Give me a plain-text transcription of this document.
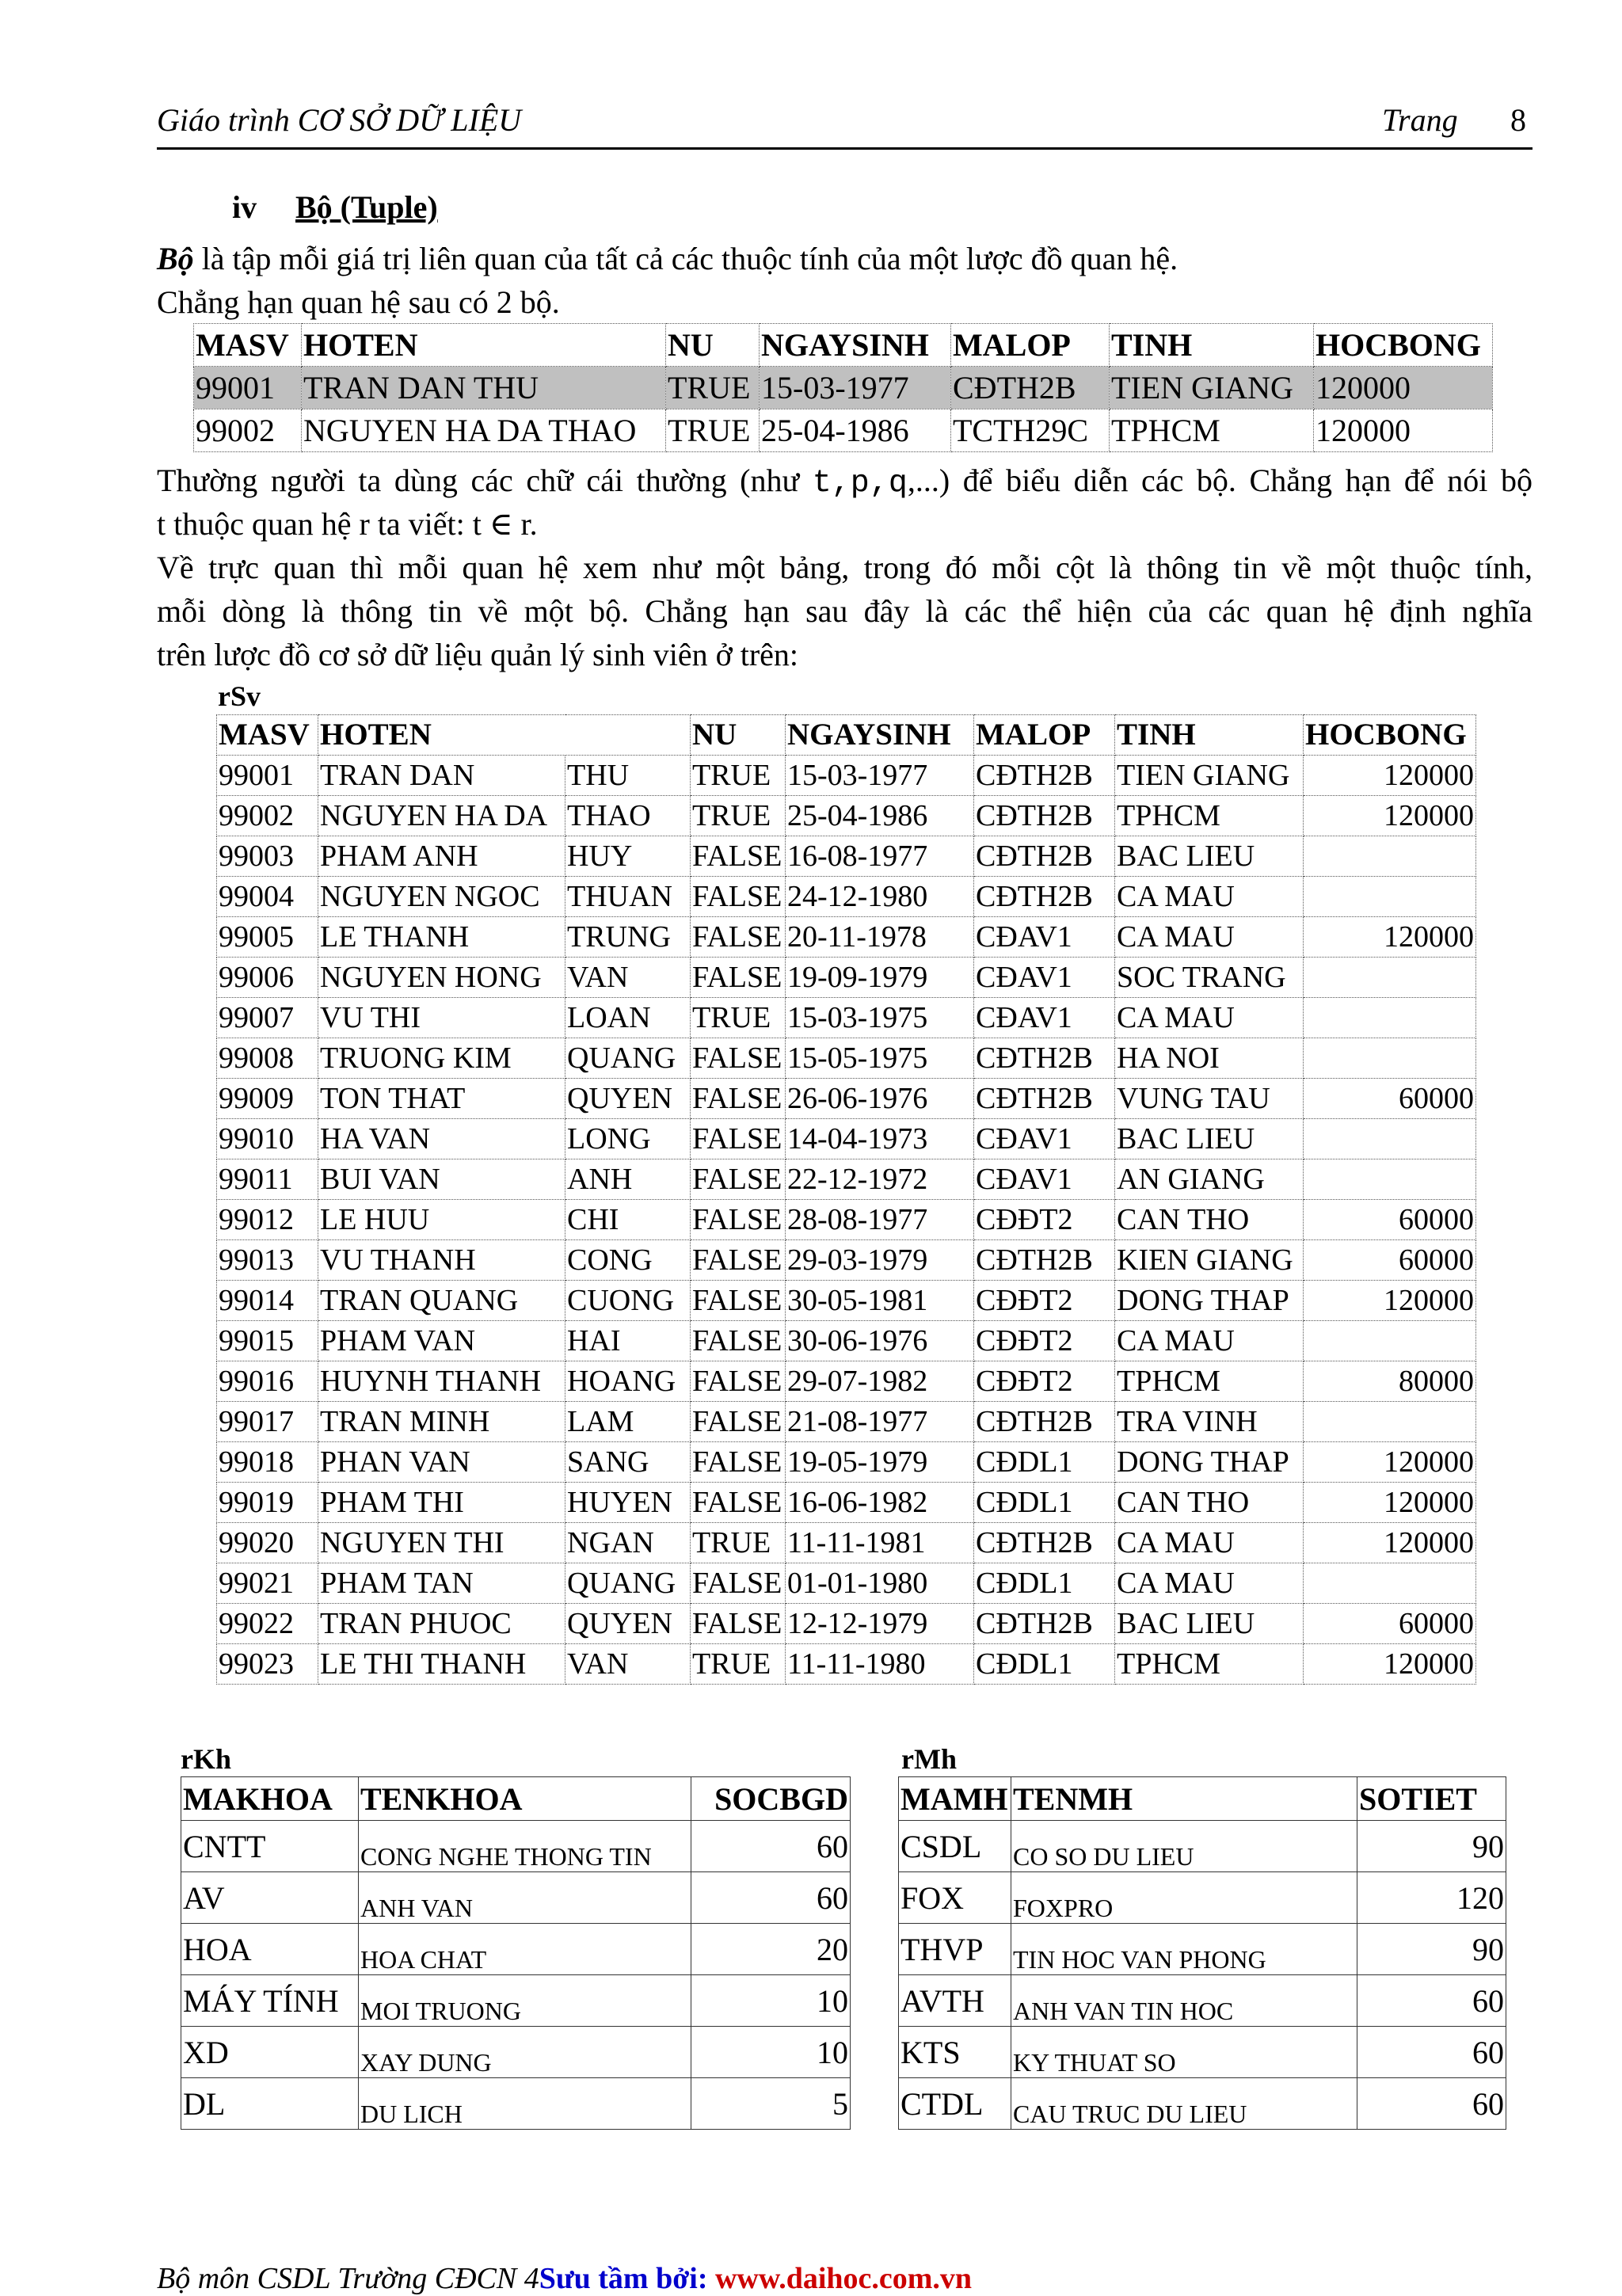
Giáo trình CƠ SỞ DỮ LIỆU	Trang 8
iv Bộ (Tuple)
Bộ là tập mỗi giá trị liên quan của tất cả các thuộc tính của một lược đồ quan hệ.
Chẳng hạn quan hệ sau có 2 bộ.
MASV	HOTEN	NU	NGAYSINH	MALOP	TINH	HOCBONG
99001	TRAN DAN THU	TRUE	15-03-1977	CĐTH2B	TIEN GIANG	120000
99002	NGUYEN HA DA THAO	TRUE	25-04-1986	TCTH29C	TPHCM	120000
Thường người ta dùng các chữ cái thường (như t,p,q,...) để biểu diễn các bộ. Chẳng hạn để nói bộ
t thuộc quan hệ r ta viết: t ∈ r.
Về trực quan thì mỗi quan hệ xem như một bảng, trong đó mỗi cột là thông tin về một thuộc tính,
mỗi dòng là thông tin về một bộ. Chẳng hạn sau đây là các thể hiện của các quan hệ định nghĩa
trên lược đồ cơ sở dữ liệu quản lý sinh viên ở trên:
rSv
MASV	HOTEN		NU	NGAYSINH	MALOP	TINH	HOCBONG
99001	TRAN DAN	THU	TRUE	15-03-1977	CĐTH2B	TIEN GIANG	120000
99002	NGUYEN HA DA	THAO	TRUE	25-04-1986	CĐTH2B	TPHCM	120000
99003	PHAM ANH	HUY	FALSE	16-08-1977	CĐTH2B	BAC LIEU	
99004	NGUYEN NGOC	THUAN	FALSE	24-12-1980	CĐTH2B	CA MAU	
99005	LE THANH	TRUNG	FALSE	20-11-1978	CĐAV1	CA MAU	120000
99006	NGUYEN HONG	VAN	FALSE	19-09-1979	CĐAV1	SOC TRANG	
99007	VU THI	LOAN	TRUE	15-03-1975	CĐAV1	CA MAU	
99008	TRUONG KIM	QUANG	FALSE	15-05-1975	CĐTH2B	HA NOI	
99009	TON THAT	QUYEN	FALSE	26-06-1976	CĐTH2B	VUNG TAU	60000
99010	HA VAN	LONG	FALSE	14-04-1973	CĐAV1	BAC LIEU	
99011	BUI VAN	ANH	FALSE	22-12-1972	CĐAV1	AN GIANG	
99012	LE HUU	CHI	FALSE	28-08-1977	CĐĐT2	CAN THO	60000
99013	VU THANH	CONG	FALSE	29-03-1979	CĐTH2B	KIEN GIANG	60000
99014	TRAN QUANG	CUONG	FALSE	30-05-1981	CĐĐT2	DONG THAP	120000
99015	PHAM VAN	HAI	FALSE	30-06-1976	CĐĐT2	CA MAU	
99016	HUYNH THANH	HOANG	FALSE	29-07-1982	CĐĐT2	TPHCM	80000
99017	TRAN MINH	LAM	FALSE	21-08-1977	CĐTH2B	TRA VINH	
99018	PHAN VAN	SANG	FALSE	19-05-1979	CĐDL1	DONG THAP	120000
99019	PHAM THI	HUYEN	FALSE	16-06-1982	CĐDL1	CAN THO	120000
99020	NGUYEN THI	NGAN	TRUE	11-11-1981	CĐTH2B	CA MAU	120000
99021	PHAM TAN	QUANG	FALSE	01-01-1980	CĐDL1	CA MAU	
99022	TRAN PHUOC	QUYEN	FALSE	12-12-1979	CĐTH2B	BAC LIEU	60000
99023	LE THI THANH	VAN	TRUE	11-11-1980	CĐDL1	TPHCM	120000
rKh
MAKHOA	TENKHOA	SOCBGD
CNTT	CONG NGHE THONG TIN	60
AV	ANH VAN	60
HOA	HOA CHAT	20
MÁY TÍNH	MOI TRUONG	10
XD	XAY DUNG	10
DL	DU LICH	5
rMh
MAMH	TENMH	SOTIET
CSDL	CO SO DU LIEU	90
FOX	FOXPRO	120
THVP	TIN HOC VAN PHONG	90
AVTH	ANH VAN TIN HOC	60
KTS	KY THUAT SO	60
CTDL	CAU TRUC DU LIEU	60
Bộ môn CSDL Trường CĐCN 4Sưu tầm bởi: www.daihoc.com.vn
